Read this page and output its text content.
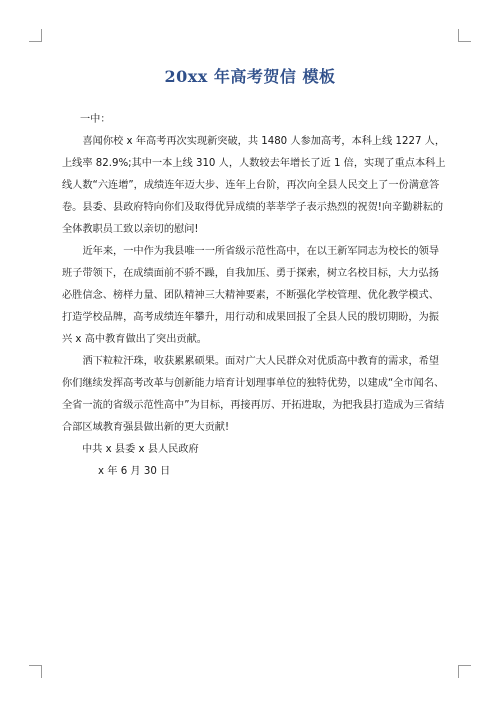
20xx 年高考贺信 模板

一中：

喜闻你校 x 年高考再次实现新突破，共 1480 人参加高考，本科上线 1227 人，上线率 82.9%;其中一本上线 310 人，人数较去年增长了近 1 倍，实现了重点本科上线人数“六连增”，成绩连年迈大步、连年上台阶，再次向全县人民交上了一份满意答卷。县委、县政府特向你们及取得优异成绩的莘莘学子表示热烈的祝贺!向辛勤耕耘的全体教职员工致以亲切的慰问!

近年来，一中作为我县唯一一所省级示范性高中，在以王新军同志为校长的领导班子带领下，在成绩面前不骄不躁，自我加压、勇于探索，树立名校目标，大力弘扬必胜信念、榜样力量、团队精神三大精神要素，不断强化学校管理、优化教学模式、打造学校品牌，高考成绩连年攀升，用行动和成果回报了全县人民的殷切期盼，为振兴 x 高中教育做出了突出贡献。

洒下粒粒汗珠，收获累累硕果。面对广大人民群众对优质高中教育的需求，希望你们继续发挥高考改革与创新能力培育计划理事单位的独特优势，以建成“全市闻名、全省一流的省级示范性高中”为目标，再接再厉、开拓进取，为把我县打造成为三省结合部区域教育强县做出新的更大贡献!

中共 x 县委 x 县人民政府

x 年 6 月 30 日
